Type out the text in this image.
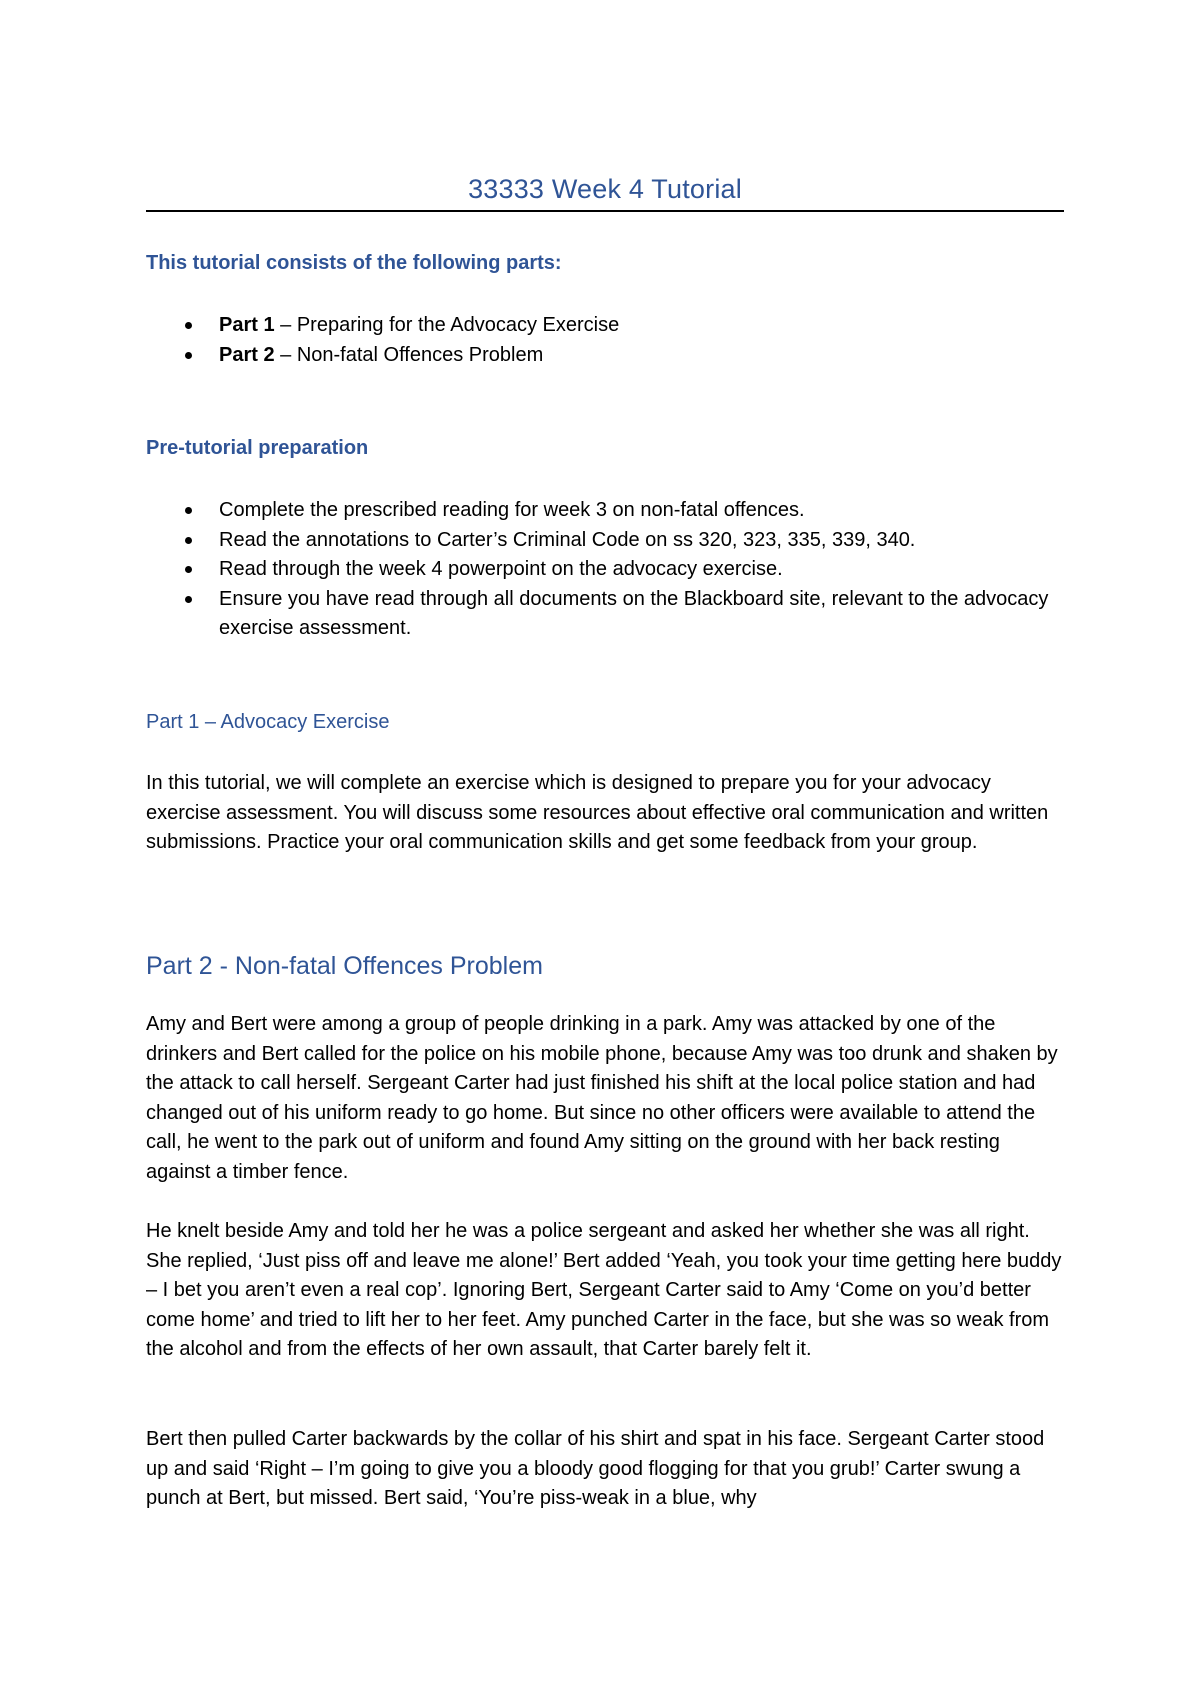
33333 Week 4 Tutorial
This tutorial consists of the following parts:
Part 1 – Preparing for the Advocacy Exercise
Part 2 – Non-fatal Offences Problem
Pre-tutorial preparation
Complete the prescribed reading for week 3 on non-fatal offences.
Read the annotations to Carter’s Criminal Code on ss 320, 323, 335, 339, 340.
Read through the week 4 powerpoint on the advocacy exercise.
Ensure you have read through all documents on the Blackboard site, relevant to the advocacy exercise assessment.
Part 1 – Advocacy Exercise

In this tutorial, we will complete an exercise which is designed to prepare you for your advocacy exercise assessment. You will discuss some resources about effective oral communication and written submissions. Practice your oral communication skills and get some feedback from your group.

Part 2 - Non-fatal Offences Problem

Amy and Bert were among a group of people drinking in a park. Amy was attacked by one of the drinkers and Bert called for the police on his mobile phone, because Amy was too drunk and shaken by the attack to call herself. Sergeant Carter had just finished his shift at the local police station and had changed out of his uniform ready to go home. But since no other officers were available to attend the call, he went to the park out of uniform and found Amy sitting on the ground with her back resting against a timber fence.

He knelt beside Amy and told her he was a police sergeant and asked her whether she was all right. She replied, ‘Just piss off and leave me alone!’ Bert added ‘Yeah, you took your time getting here buddy – I bet you aren’t even a real cop’. Ignoring Bert, Sergeant Carter said to Amy ‘Come on you’d better come home’ and tried to lift her to her feet. Amy punched Carter in the face, but she was so weak from the alcohol and from the effects of her own assault, that Carter barely felt it.

Bert then pulled Carter backwards by the collar of his shirt and spat in his face. Sergeant Carter stood up and said ‘Right – I’m going to give you a bloody good flogging for that you grub!’ Carter swung a punch at Bert, but missed. Bert said, ‘You’re piss-weak in a blue, why
